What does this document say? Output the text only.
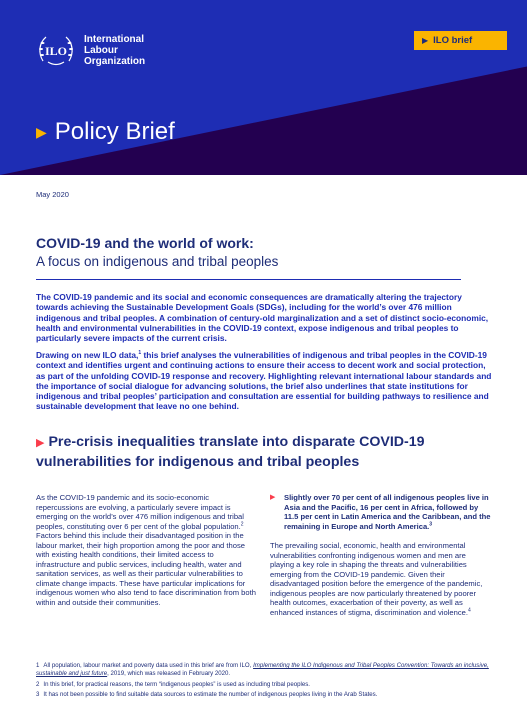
ILO
International
Labour
Organization
▶ ILO brief
▶ Policy Brief
May 2020
COVID-19 and the world of work:
A focus on indigenous and tribal peoples

The COVID-19 pandemic and its social and economic consequences are dramatically altering the trajectory towards achieving the Sustainable Development Goals (SDGs), including for the world’s over 476 million indigenous and tribal peoples. A combination of century-old marginalization and a set of distinct socio-economic, health and environmental vulnerabilities in the COVID-19 context, expose indigenous and tribal peoples to particularly severe impacts of the current crisis.

Drawing on new ILO data,$^1$ this brief analyses the vulnerabilities of indigenous and tribal peoples in the COVID-19 context and identifies urgent and continuing actions to ensure their access to decent work and social protection, as part of the unfolding COVID-19 response and recovery. Highlighting relevant international labour standards and the importance of social dialogue for advancing solutions, the brief also underlines that state institutions for indigenous and tribal peoples’ participation and consultation are essential for building pathways to resilience and sustainable development that leave no one behind.

▶ Pre-crisis inequalities translate into disparate COVID-19 vulnerabilities for indigenous and tribal peoples

As the COVID-19 pandemic and its socio-economic repercussions are evolving, a particularly severe impact is emerging on the world’s over 476 million indigenous and tribal peoples, constituting over 6 per cent of the global population.$^2$ Factors behind this include their disadvantaged position in the labour market, their high proportion among the poor and those with existing health conditions, their limited access to infrastructure and public services, including health, water and sanitation services, as well as their particular vulnerabilities to climate change impacts. These have particular implications for indigenous women who also tend to face discrimination from both within and outside their communities.

▶	Slightly over 70 per cent of all indigenous peoples live in Asia and the Pacific, 16 per cent in Africa, followed by 11.5 per cent in Latin America and the Caribbean, and the remaining in Europe and North America.$^3$

The prevailing social, economic, health and environmental vulnerabilities confronting indigenous women and men are playing a key role in shaping the threats and vulnerabilities emerging from the COVID-19 pandemic. Given their disadvantaged position before the emergence of the pandemic, indigenous peoples are now particularly threatened by poorer health outcomes, exacerbation of their poverty, as well as enhanced instances of stigma, discrimination and violence.$^4$

1 All population, labour market and poverty data used in this brief are from ILO, Implementing the ILO Indigenous and Tribal Peoples Convention: Towards an inclusive, sustainable and just future, 2019, which was released in February 2020.

2 In this brief, for practical reasons, the term “indigenous peoples” is used as including tribal peoples.

3 It has not been possible to find suitable data sources to estimate the number of indigenous peoples living in the Arab States.
